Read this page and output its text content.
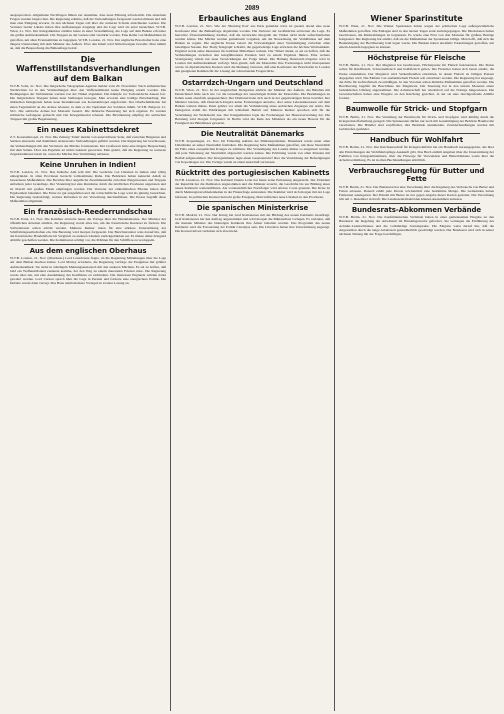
2089

ausgesprochen. Allgemeine Nachfragen führen zur Annahme, dass neue Führung erforderlich. Die einzelnen Fragen wurden besprochen. Die Regierung erklärte, daß die Verhandlungen fortgesetzt werden müssen und daß man eine Einigung erwarte. In den nächsten Tagen soll über die weiteren Schritte entschieden werden. Die Vertreter beider Länder haben ihre Auffassungen dargelegt und die Lage wird als ernst bezeichnet. W.T.B. Wien, 21. Nov. Der Kriegsminister erklärte heute in einer Versammlung, die Lage auf dem Balkan erfordere die größte Aufmerksamkeit. Die Truppen an der Grenze sind verstärkt worden. Eine Reihe von Maßnahmen ist getroffen, um allen Eventualitäten zu begegnen. W.T.B. London, 21. Nov. Der englische Botschafter hatte eine längere Unterredung mit dem Minister des Äußern. Über den Inhalt wird Stillschweigen bewahrt. Man nimmt an, daß die Besprechung die Balkanfrage betraf.

Die Waffenstillstandsverhandlungen auf dem Balkan

W.T.B. Sofia, 21. Nov. Die bulgarische Telegraphen-Agentur meldet vom 20. November: Nach authentischen Nachrichten ist in den Verhandlungen über den Waffenstillstand keine Einigung erzielt worden. Die Bedingungen der Verbündeten werden von der Türkei abgelehnt. Die Kämpfe vor Tschataldscha dauern fort. Die bulgarischen Truppen haben neue Stellungen bezogen. Man erwartet eine baldige Entscheidung. Die türkischen Delegierten haben neue Instruktionen aus Konstantinopel angefordert. Der Oberbefehlshaber hat einen Tagesbefehl an die Armee erlassen, in dem er die Tapferkeit der Soldaten rühmt. W.T.B. Belgrad, 21. Nov. Die serbische Armee hat Monastir besetzt. Die türkische Besatzung hat sich ergeben. Es wurden zahlreiche Gefangene gemacht und viel Kriegsmaterial erbeutet. Die Bevölkerung empfing die serbischen Truppen mit großer Begeisterung.

Ein neues Kabinettsdekret

Z.T. Konstantinopel, 21. Nov. Die Zeitung 'Tanin' meldet von unterrichteter Seite, daß zwischen Bulgarien und Serbien einerseits und Rumänien andererseits Verhandlungen geführt werden. Die Regierung hat beschlossen, die Verhandlungen mit den Vertretern der Mächte fortzusetzen. Der Großwesir hatte eine längere Besprechung mit dem Sultan. Über das Ergebnis ist nichts bekannt geworden. Man glaubt, daß die Regierung zu weiteren Zugeständnissen bereit ist, wenn die Mächte ihre Vermittlung anbieten.

Keine Unruhen in Indien!

W.T.B. London, 21. Nov. Das Indische Amt teilt mit: Die Gerüchte von Unruhen in Indien sind völlig unbegründet. In allen Provinzen herrscht vollkommene Ruhe. Die Behörden haben keinerlei Anlaß zu besonderen Maßnahmen. Die Berichte über angebliche Zusammenstöße zwischen Eingeborenen und Truppen entbehren jeder Grundlage. Der Vizekönig hat eine Rundreise durch die nördlichen Provinzen angetreten und ist überall mit großen Ehren empfangen worden. Die Vertreter der einheimischen Fürsten haben ihre Ergebenheit bekundet. Die Ernte ist gut ausgefallen und die wirtschaftliche Lage wird als günstig bezeichnet. Die Regierung beabsichtigt, weitere Reformen in der Verwaltung durchzuführen. Die Presse begrüßt diese Maßnahmen allgemein.

Ein französisch-Reederrundschau

W.T.B. Paris, 21. Nov. Die Kammer erörterte heute die Vorlage über die Handelsmarine. Der Minister der öffentlichen Arbeiten erklärte, die Regierung werde alles tun, um die französische Reederei zu fördern. Die Subventionen sollen erhöht werden. Mehrere Redner traten für eine stärkere Unterstützung der Schiffahrtsgesellschaften ein. Die Beratung wird morgen fortgesetzt. Der Berichterstatter wies darauf hin, daß die französische Handelsflotte im Vergleich zu anderen Ländern zurückgeblieben sei. Es müsse daher dringend Abhilfe geschaffen werden. Die Kommission schlägt vor, die Prämien für den Schiffbau zu verdoppeln.

Aus dem englischen Oberhaus

W.T.B. London, 21. Nov. (Oberhaus.) Lord Lansdowne fragte, ob die Regierung Mitteilungen über die Lage auf dem Balkan machen könne. Lord Morley erwiderte, die Regierung verfolge die Ereignisse mit größter Aufmerksamkeit. Sie stehe in ständigem Meinungsaustausch mit den anderen Mächten. Es sei zu hoffen, daß bald ein Waffenstillstand zustande komme, der den Weg zu einem dauernden Frieden ebne. Die Regierung werde alles tun, um eine Ausdehnung des Konfliktes zu verhindern. Die Interessen Englands würden dabei gewahrt werden. Lord Curzon sprach über die Lage in Persien und forderte eine energischere Politik. Die Debatte wurde dann vertagt. Das Haus nahm mehrere Vorlagen in zweiter Lesung an.

Erbauliches aus England

W.T.B. London, 21. Nov. Wie der 'Morning Post' aus Paris gemeldet wird, ist gestern abend eine neue Konferenz über die Balkanfrage abgehalten worden. Die Vertreter der Großmächte erörterten die Lage. Es herrschte Übereinstimmung darüber, daß die territoriale Integrität der Türkei nicht mehr aufrechterhalten werden könne. Die Mächte werden gemeinsam vorgehen, um die Neuordnung der Verhältnisse auf dem Balkan zu regeln. Die englische Presse betont die Notwendigkeit einer Verständigung zwischen allen beteiligten Staaten. Der 'Daily Telegraph' schreibt, die gegenwärtige Lage erfordere die höchste Wachsamkeit. England werde seine Interessen im östlichen Mittelmeer wahren. Die 'Times' meint, es sei zu hoffen, daß die Verhandlungen zwischen den kriegführenden Parteien bald zu einem Ergebnis führen. Eine weitere Verzögerung würde nur neue Verwicklungen zur Folge haben. Die Haltung Österreich-Ungarns wird in London mit Aufmerksamkeit verfolgt. Man glaubt, daß die Monarchie ihre Forderungen nicht überspannen werde. In diplomatischen Kreisen wird die Meinung vertreten, daß eine Konferenz der Botschafter in London den geeigneten Rahmen für die Lösung der schwebenden Fragen bilde.

Ostarrdzch-Ungarn und Deutschland

W.T.B. Wien, 21. Nov. In der ungarischen Delegation erklärte der Minister des Äußern, das Bündnis mit Deutschland bilde nach wie vor die Grundlage der auswärtigen Politik der Monarchie. Die Beziehungen zu Italien seien ebenfalls ausgezeichnet. Der Dreibund habe sich auch in der gegenwärtigen Krise bewährt. Der Minister betonte, daß Österreich-Ungarn keine Eroberungen anstrebe, aber seine Lebensinteressen auf dem Balkan wahren müsse. Dazu gehöre vor allem die Verhinderung eines serbischen Zuganges zur Adria. Die Delegation nahm die Erklärungen mit lebhaftem Beifall auf. Mehrere Redner sprachen sich für die Verstärkung der Wehrmacht aus. Der Kriegsminister legte die Forderungen der Heeresverwaltung dar. Die Beratung wird morgen fortgesetzt. In Berlin wird die Rede des Ministers als ein neuer Beweis für die Festigkeit des Bündnisses gewertet.

Die Neutralität Dänemarks

W.T.B. Kopenhagen, 21. Nov. Im Folketing erklärte der Ministerpräsident, Dänemark werde unter allen Umständen an seiner Neutralität festhalten. Die Regierung habe Maßnahmen getroffen, um diese Neutralität im Falle eines europäischen Krieges zu schützen. Die Verteidigung des Landes müsse so ausgebaut werden, daß jede Verletzung der Neutralität abgewehrt werden könne. Die Erklärung wurde von allen Parteien mit Beifall aufgenommen. Der Kriegsminister legte einen Gesetzentwurf über die Verstärkung der Befestigungen von Kopenhagen vor. Die Vorlage wurde an einen Ausschuß verwiesen.

Rücktritt des portugiesischen Kabinetts

W.T.B. Lissabon, 21. Nov. Das Kabinett Duarte Leite hat heute seine Entlassung eingereicht. Der Präsident der Republik hat die Demission angenommen und die Minister ersucht, die Geschäfte bis zur Bildung eines neuen Kabinetts weiterzuführen. Als voraussichtlicher Nachfolger wird Afonso Costa genannt. Die Krise ist durch Meinungsverschiedenheiten in der Finanzfrage entstanden. Die Kammer wird sich morgen mit der Lage befassen. In politischen Kreisen herrscht große Erregung. Man befürchtet neue Unruhen in den Provinzen.

Die spanischen Ministerkrise

W.T.B. Madrid, 21. Nov. Der König hat Graf Romanones mit der Bildung des neuen Kabinetts beauftragt. Graf Romanones hat den Auftrag angenommen und wird morgen die Ministerliste vorlegen. Es verlautet, daß die meisten Minister des bisherigen Kabinetts ihre Ämter behalten werden. Das Programm des neuen Kabinetts wird die Fortsetzung der Politik Canalejas sein. Die Liberalen haben ihre Unterstützung zugesagt. Die Konservativen verhalten sich abwartend.

Wiener Sparinstitute

W.T.B. Wien, 21. Nov. Die Wiener Sparkassen haben wegen der politischen Lage außergewöhnliche Maßnahmen getroffen. Die Einlagen sind in den letzten Tagen stark zurückgegangen. Die Direktionen haben beschlossen, die Rückzahlungen zu begrenzen. Es wurde eine Frist von drei Monaten für größere Beträge festgesetzt. Die Regierung hat erklärt, daß sie die Maßnahmen der Sparkassen billige. Man hofft, daß sich die Beunruhigung der Bevölkerung bald legen werde. Die Banken haben ebenfalls Vorkehrungen getroffen, um einem Ansturm begegnen zu können.

Höchstpreise für Fleische

W.T.B. Berlin, 21. Nov. Der Magistrat hat beschlossen, Höchstpreise für Fleisch festzusetzen. Die Preise sollen für Rindfleisch, Schweinefleisch und Kalbfleisch gelten. Die Fleischer haben sich bereit erklärt, die Preise einzuhalten. Der Magistrat wird Verkaufsstellen einrichten, in denen Fleisch zu billigen Preisen abgegeben wird. Die Einfuhr von ausländischem Fleisch soll erleichtert werden. Die Regierung hat zugesagt, die Zölle für Gefrierfleisch zu ermäßigen. In den Vororten sollen ähnliche Maßnahmen getroffen werden. Die Bevölkerung begrüßt die Beschlüsse des Magistrats. Die Teuerung hat in den letzten Monaten einen bedenklichen Umfang angenommen. Die Arbeiterschaft hat wiederholt auf die Notlage hingewiesen. Die Gewerkschaften haben eine Eingabe an den Reichstag gerichtet, in der sie eine durchgreifende Abhilfe fordern.

Baumwolle für Strick- und Stopfgarn

W.T.B. Berlin, 21. Nov. Die Verteilung der Baumwolle für Strick- und Stopfgarn wird künftig durch die Kriegsrohstoffabteilung geregelt. Die Spinnereien dürfen nur noch mit Genehmigung der Behörde Baumwolle verarbeiten. Die Händler sind verpflichtet, ihre Bestände anzumelden. Zuwiderhandlungen werden mit Geldstrafen geahndet.

Handbuch für Wohlfahrt

W.T.B. Berlin, 21. Nov. Der Reichsausschuß für Kriegswohlfahrt hat ein Handbuch herausgegeben, das über alle Einrichtungen der Wohlfahrtspflege Auskunft gibt. Das Buch enthält Angaben über die Unterstützung der Familien von Kriegsteilnehmern, über die Fürsorge für Verwundete und Hinterbliebene sowie über die Arbeitsvermittlung. Es ist in allen Buchhandlungen erhältlich.

Verbrauchsregelung für Butter und Fette

W.T.B. Berlin, 21. Nov. Der Bundesrat hat eine Verordnung über die Regelung des Verbrauchs von Butter und Fetten erlassen. Danach erhält jede Person wöchentlich eine bestimmte Menge. Die Gemeinden haben Fettkarten auszugeben. Der Handel mit Butter ist nur gegen Abgabe dieser Karten gestattet. Die Verordnung tritt am 1. Dezember in Kraft. Die Landeszentralbehörden können Ausnahmen zulassen.

Bundesrats-Abkommen Verbände

W.T.B. Berlin, 21. Nov. Die Kaufmännischen Verbände haben in einer gemeinsamen Eingabe an den Bundesrat die Regelung der Arbeitszeit im Handelsgewerbe gefordert. Sie verlangen die Einführung des Achtuhr-Ladenschlusses und die vollständige Sonntagsruhe. Die Eingabe weist darauf hin, daß die Angestellten durch die lange Arbeitszeit gesundheitlich geschädigt werden. Der Bundesrat wird sich in seiner nächsten Sitzung mit der Frage beschäftigen.
